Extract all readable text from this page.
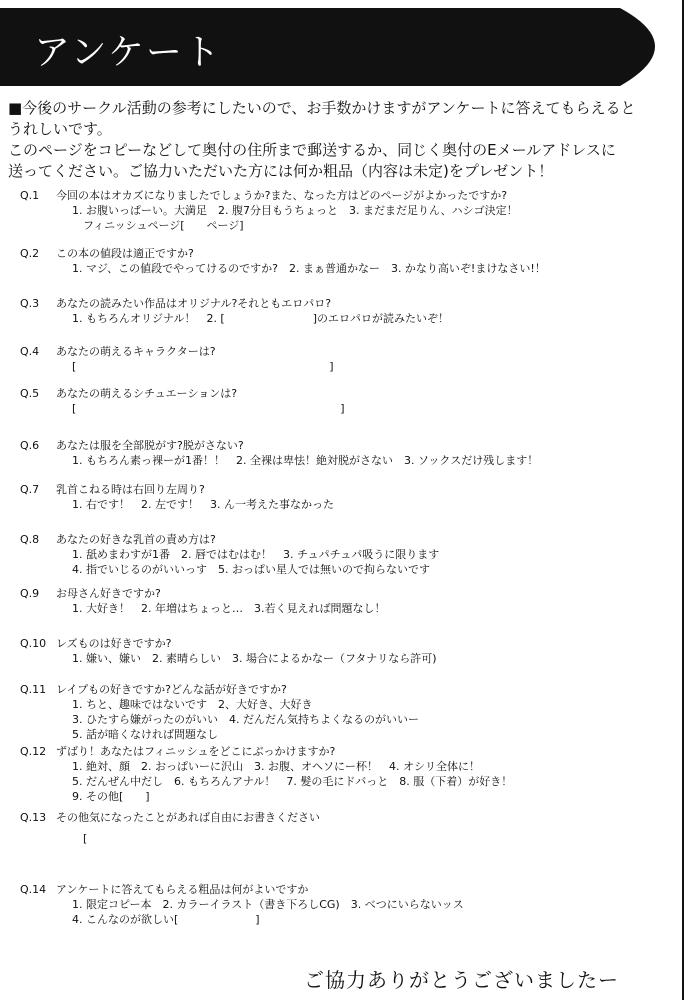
アンケート
■今後のサークル活動の参考にしたいので、お手数かけますがアンケートに答えてもらえると
うれしいです。
このページをコピーなどして奥付の住所まで郵送するか、同じく奥付のEメールアドレスに
送ってください。ご協力いただいた方には何か粗品（内容は未定)をプレゼント！
Q.1 今回の本はオカズになりましたでしょうか?また、なった方はどのページがよかったですか?
1. お腹いっぱーい。大満足　2. 腹7分目もうちょっと　3. まだまだ足りん、ハシゴ決定！
　フィニッシュページ[　　ページ]
Q.2 この本の値段は適正ですか?
1. マジ、この値段でやってけるのですか?　2. まぁ普通かなー　3. かなり高いぞ!まけなさい!！
Q.3 あなたの読みたい作品はオリジナル?それともエロパロ?
1. もちろんオリジナル！　2. [　　　　　　　　]のエロパロが読みたいぞ！
Q.4 あなたの萌えるキャラクターは?
[　　　　　　　　　　　　　　　　　　　　　　　]
Q.5 あなたの萌えるシチュエーションは?
[　　　　　　　　　　　　　　　　　　　　　　　　]
Q.6 あなたは服を全部脱がす?脱がさない?
1. もちろん素っ裸ーが1番！！　2. 全裸は卑怯！絶対脱がさない　3. ソックスだけ残します！
Q.7 乳首こねる時は右回り左周り?
1. 右です！　2. 左です！　3. ん一考えた事なかった
Q.8 あなたの好きな乳首の責め方は?
1. 舐めまわすが1番　2. 唇ではむはむ！　3. チュパチュパ吸うに限ります
4. 指でいじるのがいいっす　5. おっぱい星人では無いので拘らないです
Q.9 お母さん好きですか?
1. 大好き！　2. 年増はちょっと…　3.若く見えれば問題なし！
Q.10 レズものは好きですか?
1. 嫌い、嫌い　2. 素晴らしい　3. 場合によるかなー（フタナリなら許可)
Q.11 レイプもの好きですか?どんな話が好きですか?
1. ちと、趣味ではないです　2、大好き、大好き
3. ひたすら嫌がったのがいい　4. だんだん気持ちよくなるのがいいー
5. 話が暗くなければ問題なし
Q.12 ずばり！あなたはフィニッシュをどこにぶっかけますか?
1. 絶対、顔　2. おっぱいーに沢山　3. お腹、オヘソにー杯！　4. オシリ全体に！
5. だんぜん中だし　6. もちろんアナル！　7. 髪の毛にドバっと　8. 服（下着）が好き！
9. その他[　　]
Q.13 その他気になったことがあれば自由にお書きください
　[
Q.14 アンケートに答えてもらえる粗品は何がよいですか
1. 限定コピー本　2. カラーイラスト（書き下ろしCG)　3. べつにいらないッス
4. こんなのが欲しい[　　　　　　　]
ご協力ありがとうございましたー
